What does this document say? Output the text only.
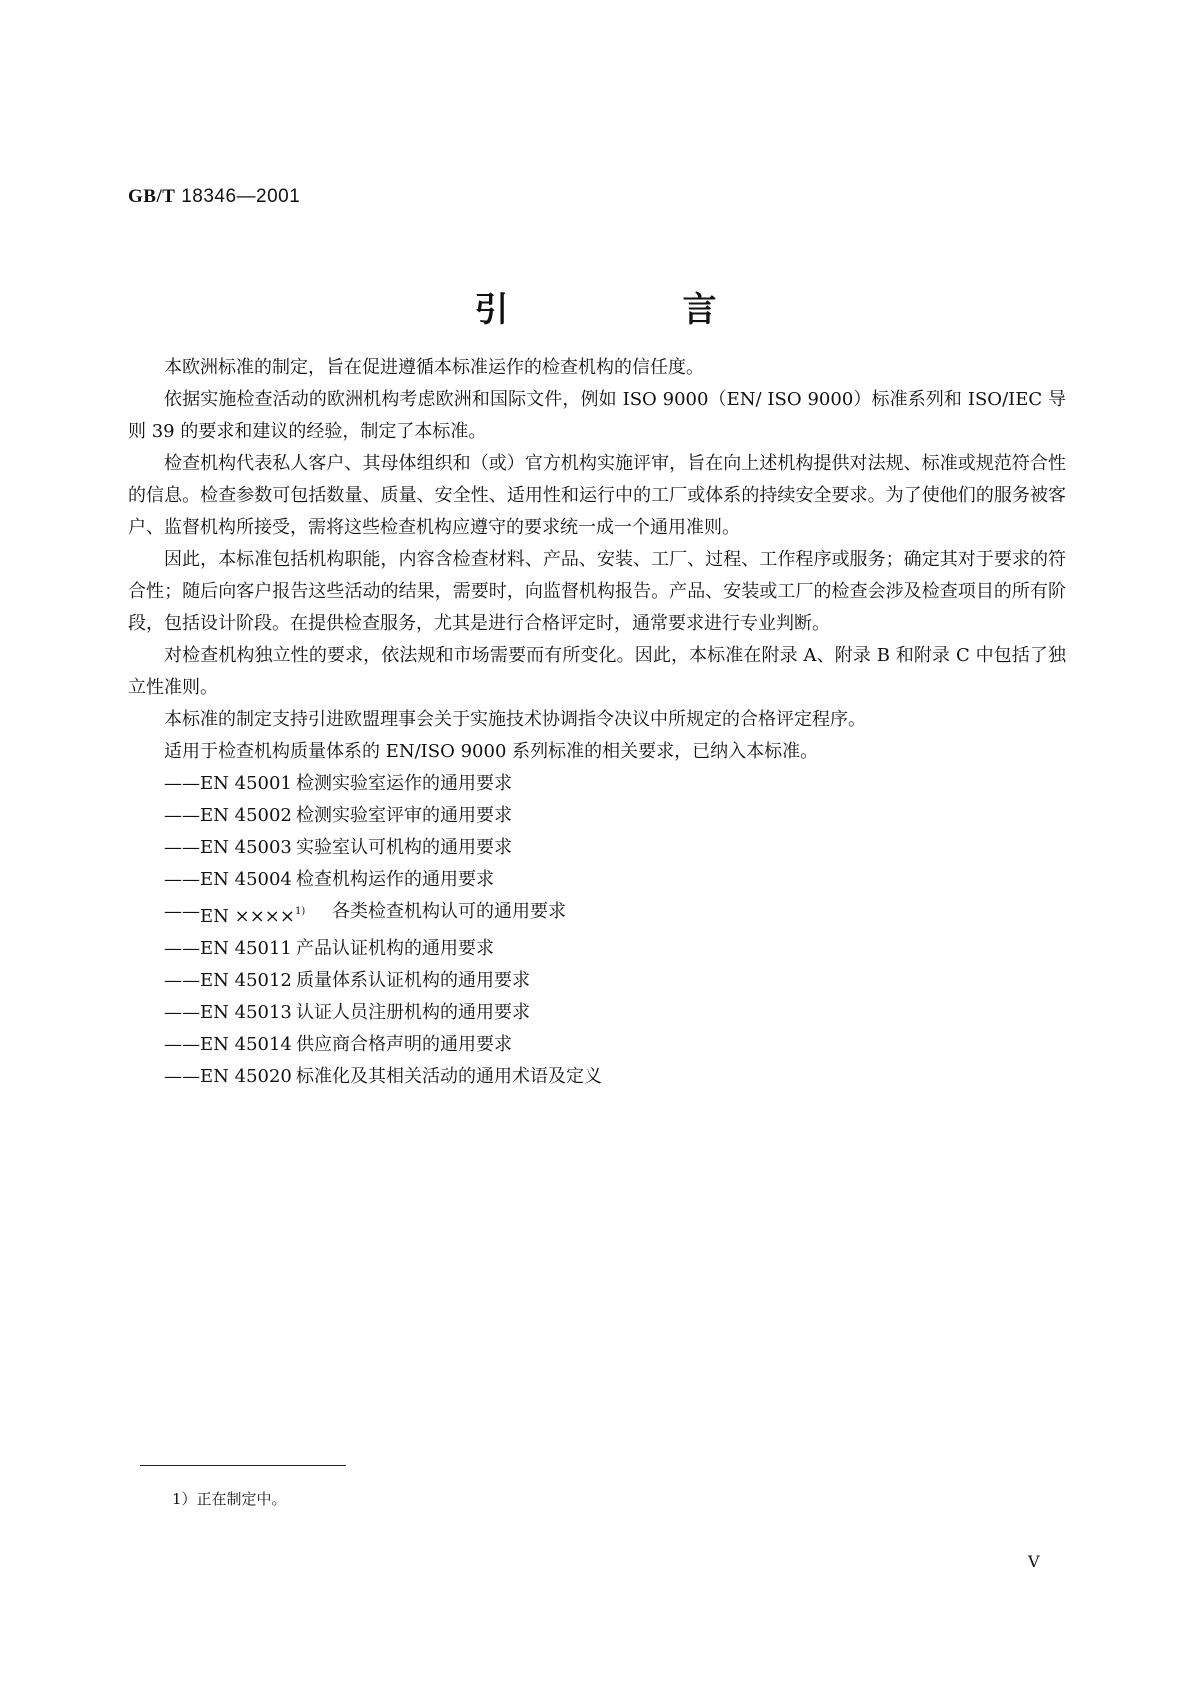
GB/T 18346—2001
引　言

本欧洲标准的制定，旨在促进遵循本标准运作的检查机构的信任度。

依据实施检查活动的欧洲机构考虑欧洲和国际文件，例如 ISO 9000（EN/ ISO 9000）标准系列和 ISO/IEC 导则 39 的要求和建议的经验，制定了本标准。

检查机构代表私人客户、其母体组织和（或）官方机构实施评审，旨在向上述机构提供对法规、标准或规范符合性的信息。检查参数可包括数量、质量、安全性、适用性和运行中的工厂或体系的持续安全要求。为了使他们的服务被客户、监督机构所接受，需将这些检查机构应遵守的要求统一成一个通用准则。

因此，本标准包括机构职能，内容含检查材料、产品、安装、工厂、过程、工作程序或服务；确定其对于要求的符合性；随后向客户报告这些活动的结果，需要时，向监督机构报告。产品、安装或工厂的检查会涉及检查项目的所有阶段，包括设计阶段。在提供检查服务，尤其是进行合格评定时，通常要求进行专业判断。

对检查机构独立性的要求，依法规和市场需要而有所变化。因此，本标准在附录 A、附录 B 和附录 C 中包括了独立性准则。

本标准的制定支持引进欧盟理事会关于实施技术协调指令决议中所规定的合格评定程序。

适用于检查机构质量体系的 EN/ISO 9000 系列标准的相关要求，已纳入本标准。

—— EN 45001 检测实验室运作的通用要求
—— EN 45002 检测实验室评审的通用要求
—— EN 45003 实验室认可机构的通用要求
—— EN 45004 检查机构运作的通用要求
—— EN ××××$^{1)}$	各类检查机构认可的通用要求
—— EN 45011 产品认证机构的通用要求
—— EN 45012 质量体系认证机构的通用要求
—— EN 45013 认证人员注册机构的通用要求
—— EN 45014 供应商合格声明的通用要求
—— EN 45020 标准化及其相关活动的通用术语及定义
1）正在制定中。
V
